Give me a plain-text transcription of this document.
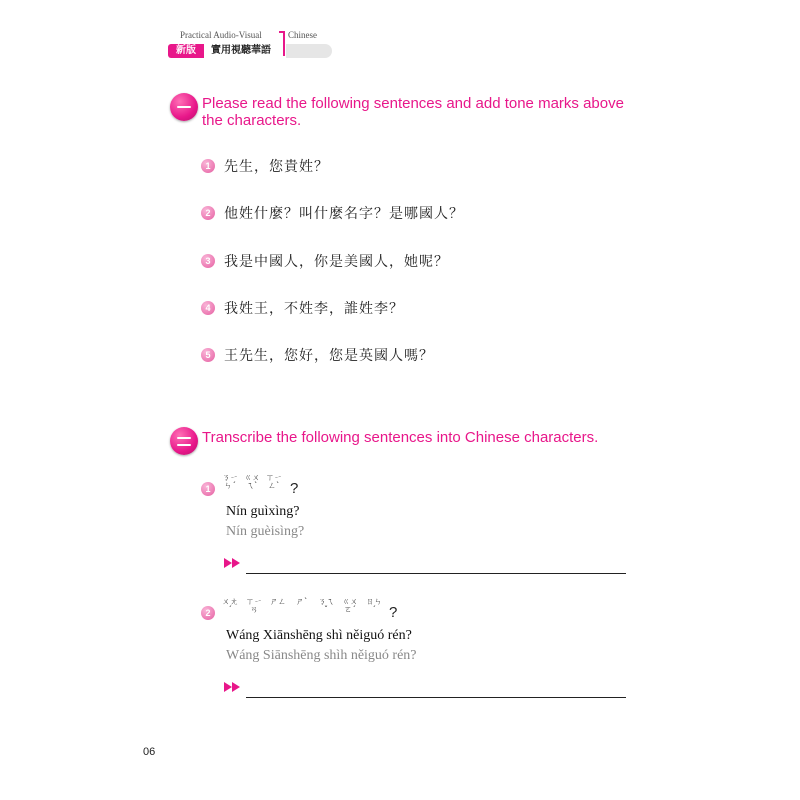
Practical Audio-Visual	Chinese
新版	實用視聽華語
Please read the following sentences and add tone marks above the characters.
1 先生，您貴姓？
2 他姓什麼？叫什麼名字？是哪國人？
3 我是中國人，你是美國人，她呢？
4 我姓王，不姓李，誰姓李？
5 王先生，您好，您是英國人嗎？
Transcribe the following sentences into Chinese characters.
1
ㄋㄧㄣˊ
ㄍㄨㄟˋ
ㄒㄧㄥˋ ?
Nín guìxìng?
Nín guèisìng?
2
ㄨㄤˊ
ㄒㄧㄢ
ㄕㄥ ㄕˋ ㄋㄟˇ
ㄍㄨㄛˊ
ㄖㄣˊ ?
Wáng Xiānshēng shì něiguó rén?
Wáng Siānshēng shìh něiguó rén?
06
